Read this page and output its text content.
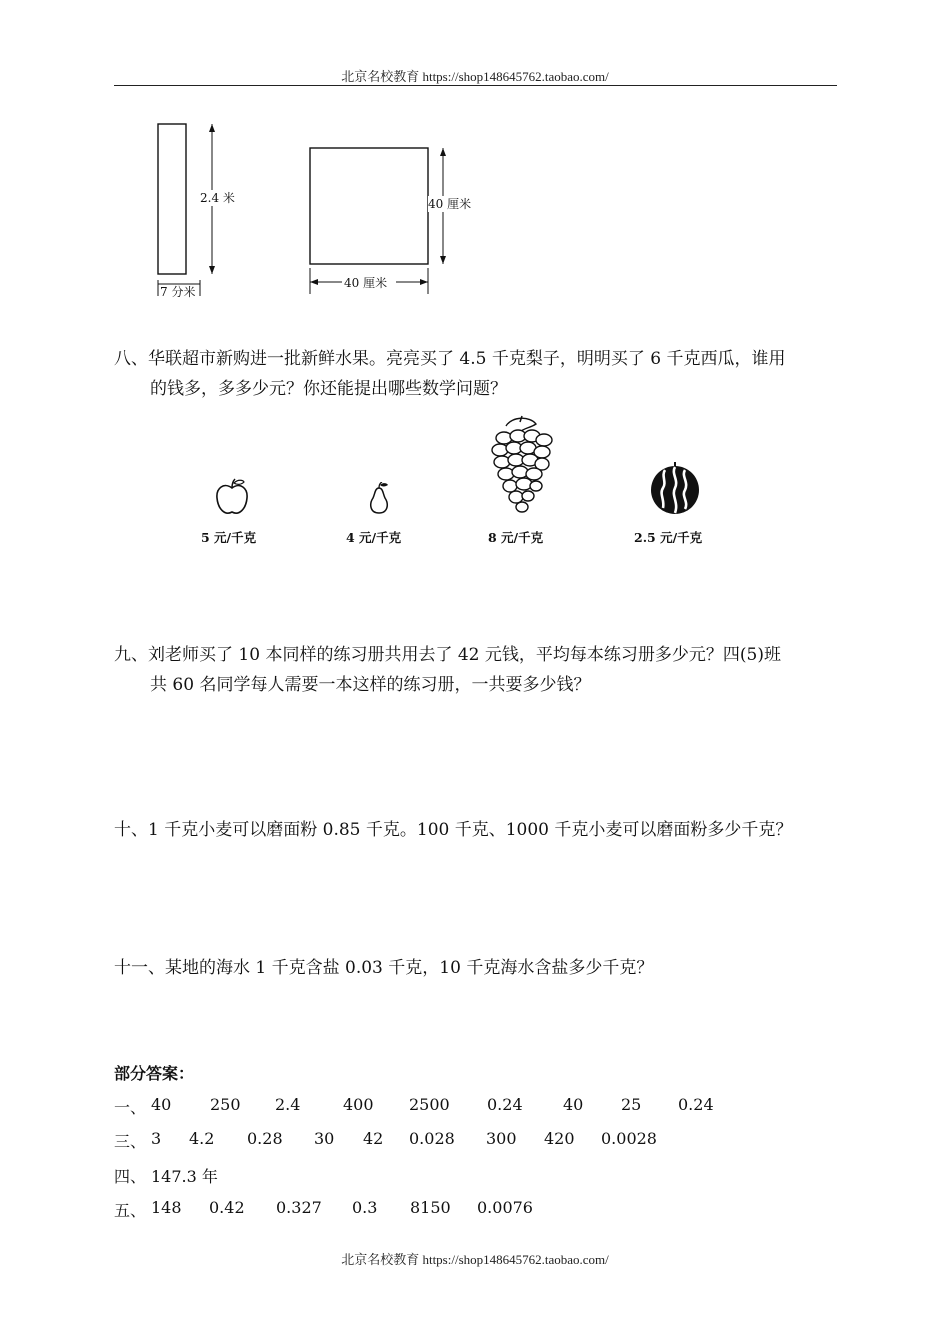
北京名校教育 https://shop148645762.taobao.com/
2.4 米
7 分米
40 厘米
40 厘米
八、华联超市新购进一批新鲜水果。亮亮买了 4.5 千克梨子，明明买了 6 千克西瓜，谁用
的钱多，多多少元？你还能提出哪些数学问题？
5 元/千克	4 元/千克	8 元/千克	2.5 元/千克
九、刘老师买了 10 本同样的练习册共用去了 42 元钱，平均每本练习册多少元？四(5)班
共 60 名同学每人需要一本这样的练习册，一共要多少钱？
十、1 千克小麦可以磨面粉 0.85 千克。100 千克、1000 千克小麦可以磨面粉多少千克？
十一、某地的海水 1 千克含盐 0.03 千克，10 千克海水含盐多少千克？
部分答案：
一、 40 250 2.4	400 2500 0.24	40 25 0.24
三、 3 4.2 0.28 30 42 0.028 300 420 0.0028
四、 147.3 年
五、 148 0.42 0.327 0.3 8150 0.0076
北京名校教育 https://shop148645762.taobao.com/
